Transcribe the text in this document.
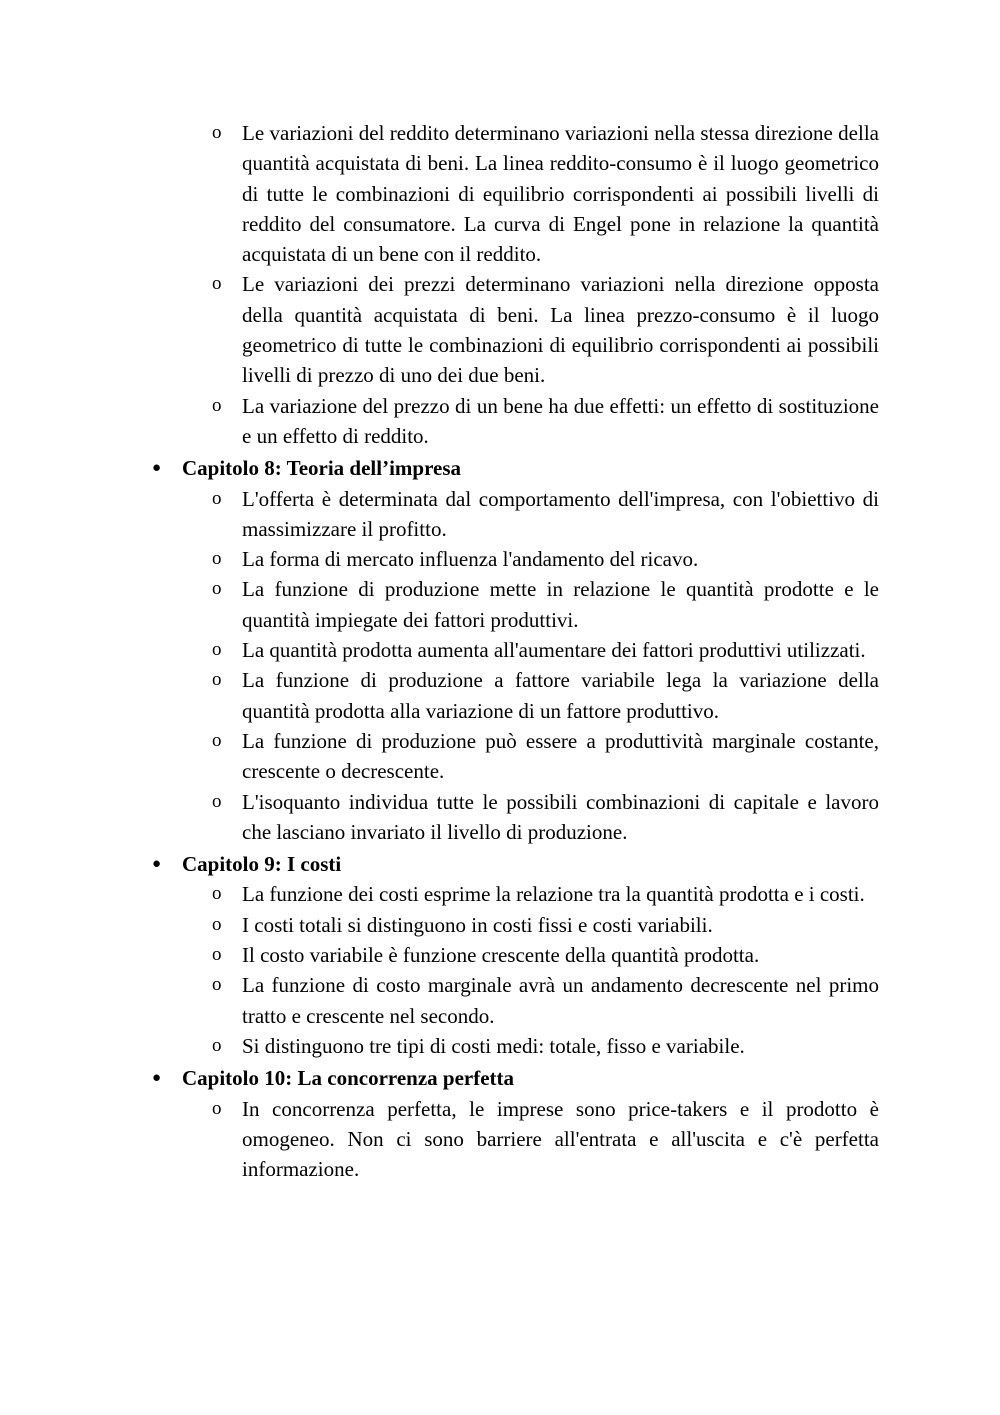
o Le variazioni del reddito determinano variazioni nella stessa direzione della quantità acquistata di beni. La linea reddito-consumo è il luogo geometrico di tutte le combinazioni di equilibrio corrispondenti ai possibili livelli di reddito del consumatore. La curva di Engel pone in relazione la quantità acquistata di un bene con il reddito.
o Le variazioni dei prezzi determinano variazioni nella direzione opposta della quantità acquistata di beni. La linea prezzo-consumo è il luogo geometrico di tutte le combinazioni di equilibrio corrispondenti ai possibili livelli di prezzo di uno dei due beni.
o La variazione del prezzo di un bene ha due effetti: un effetto di sostituzione e un effetto di reddito.
● Capitolo 8: Teoria dell’impresa
o L'offerta è determinata dal comportamento dell'impresa, con l'obiettivo di massimizzare il profitto.
o La forma di mercato influenza l'andamento del ricavo.
o La funzione di produzione mette in relazione le quantità prodotte e le quantità impiegate dei fattori produttivi.
o La quantità prodotta aumenta all'aumentare dei fattori produttivi utilizzati.
o La funzione di produzione a fattore variabile lega la variazione della quantità prodotta alla variazione di un fattore produttivo.
o La funzione di produzione può essere a produttività marginale costante, crescente o decrescente.
o L'isoquanto individua tutte le possibili combinazioni di capitale e lavoro che lasciano invariato il livello di produzione.
● Capitolo 9: I costi
o La funzione dei costi esprime la relazione tra la quantità prodotta e i costi.
o I costi totali si distinguono in costi fissi e costi variabili.
o Il costo variabile è funzione crescente della quantità prodotta.
o La funzione di costo marginale avrà un andamento decrescente nel primo tratto e crescente nel secondo.
o Si distinguono tre tipi di costi medi: totale, fisso e variabile.
● Capitolo 10: La concorrenza perfetta
o In concorrenza perfetta, le imprese sono price-takers e il prodotto è omogeneo. Non ci sono barriere all'entrata e all'uscita e c'è perfetta informazione.
